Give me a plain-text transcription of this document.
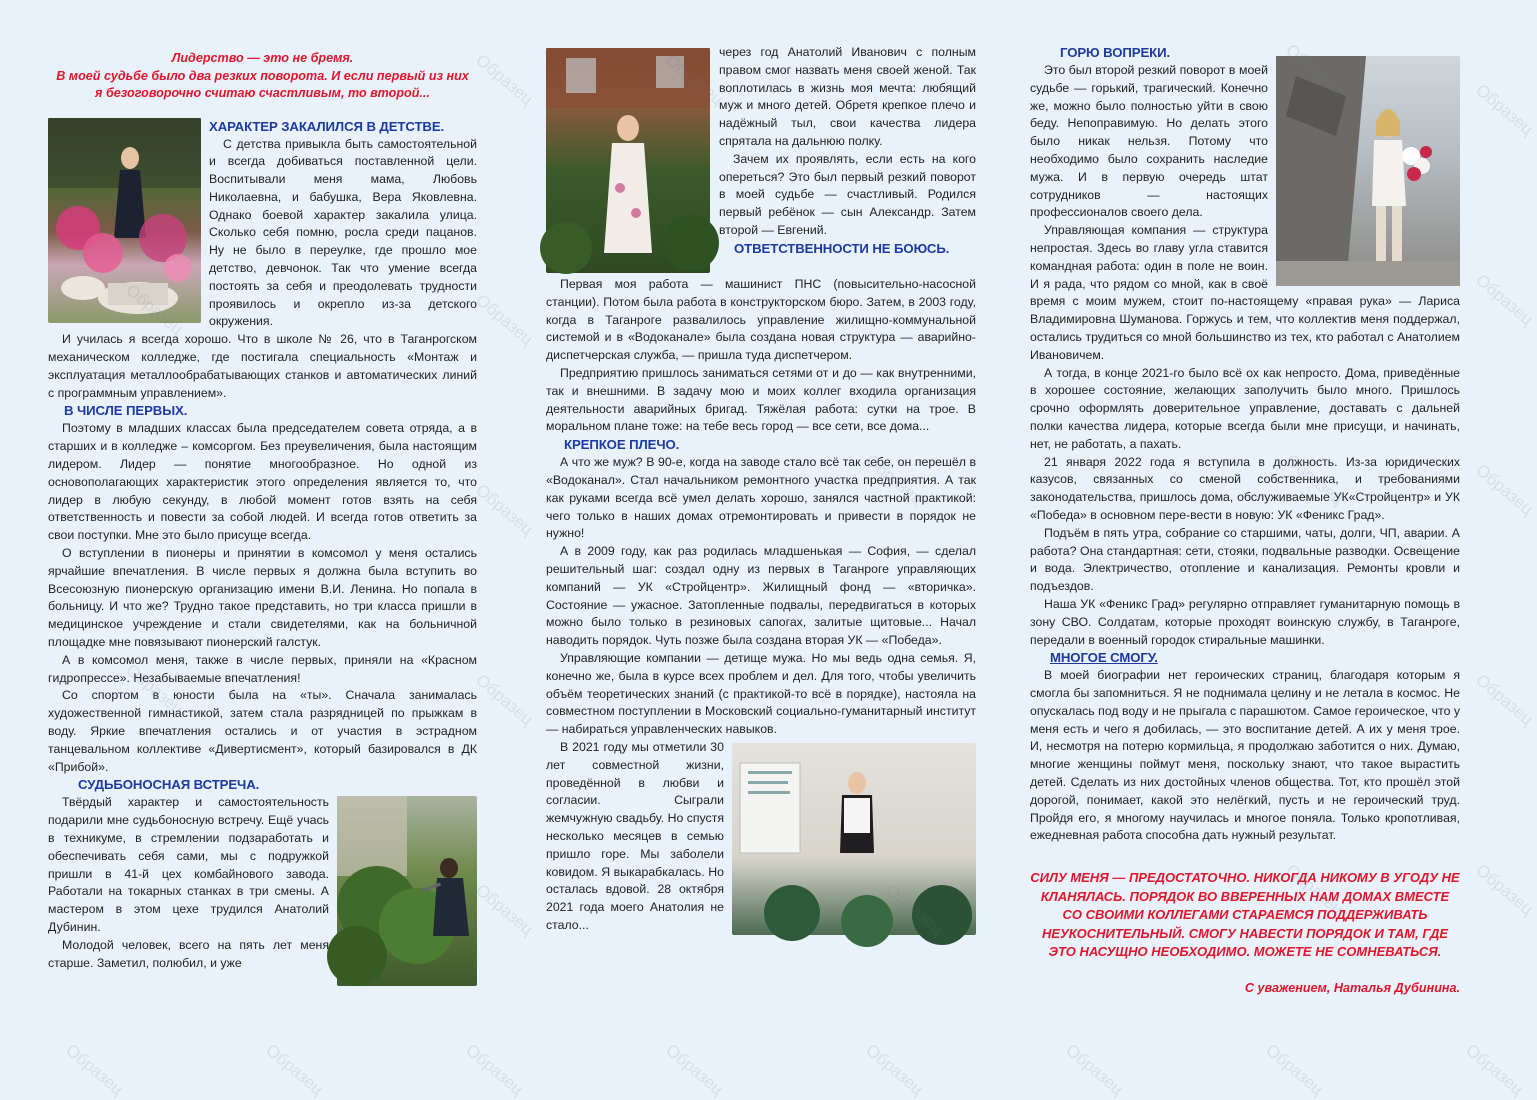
Лидерство — это не бремя.
В моей судьбе было два резких поворота. И если первый из них
я безоговорочно считаю счастливым, то второй...
ХАРАКТЕР ЗАКАЛИЛСЯ В ДЕТСТВЕ.

С детства привыкла быть самостоятельной и всегда добиваться поставленной цели. Воспитывали меня мама, Любовь Николаевна, и бабушка, Вера Яковлевна. Однако боевой характер закалила улица. Сколько себя помню, росла среди пацанов. Ну не было в переулке, где прошло мое детство, девчонок. Так что умение всегда постоять за себя и преодолевать трудности проявилось и окрепло из-за детского окружения.

И училась я всегда хорошо. Что в школе № 26, что в Таганрогском механическом колледже, где постигала специальность «Монтаж и эксплуатация металлообрабатывающих станков и автоматических линий с программным управлением».

В ЧИСЛЕ ПЕРВЫХ.

Поэтому в младших классах была председателем совета отряда, а в старших и в колледже – комсоргом. Без преувеличения, была настоящим лидером. Лидер — понятие многообразное. Но одной из основополагающих характеристик этого определения является то, что лидер в любую секунду, в любой момент готов взять на себя ответственность и повести за собой людей. И всегда готов ответить за свои поступки. Мне это было присуще всегда.

О вступлении в пионеры и принятии в комсомол у меня остались ярчайшие впечатления. В числе первых я должна была вступить во Всесоюзную пионерскую организацию имени В.И. Ленина. Но попала в больницу. И что же? Трудно такое представить, но три класса пришли в медицинское учреждение и стали свидетелями, как на больничной площадке мне повязывают пионерский галстук.

А в комсомол меня, также в числе первых, приняли на «Красном гидропрессе». Незабываемые впечатления!

Со спортом в юности была на «ты». Сначала занималась художественной гимнастикой, затем стала разрядницей по прыжкам в воду. Яркие впечатления остались и от участия в эстрадном танцевальном коллективе «Дивертисмент», который базировался в ДК «Прибой».

СУДЬБОНОСНАЯ ВСТРЕЧА.

Твёрдый характер и самостоятельность подарили мне судьбоносную встречу. Ещё учась в техникуме, в стремлении подзаработать и обеспечивать себя сами, мы с подружкой пришли в 41-й цех комбайнового завода. Работали на токарных станках в три смены. А мастером в этом цехе трудился Анатолий Дубинин.

Молодой человек, всего на пять лет меня старше. Заметил, полюбил, и уже

через год Анатолий Иванович с полным правом смог назвать меня своей женой. Так воплотилась в жизнь моя мечта: любящий муж и много детей. Обретя крепкое плечо и надёжный тыл, свои качества лидера спрятала на дальнюю полку.

Зачем их проявлять, если есть на кого опереться? Это был первый резкий поворот в моей судьбе — счастливый. Родился первый ребёнок — сын Александр. Затем второй — Евгений.

ОТВЕТСТВЕННОСТИ НЕ БОЮСЬ.

Первая моя работа — машинист ПНС (повысительно-насосной станции). Потом была работа в конструкторском бюро. Затем, в 2003 году, когда в Таганроге развалилось управление жилищно-коммунальной системой и в «Водоканале» была создана новая структура — аварийно-диспетчерская служба, — пришла туда диспетчером.

Предприятию пришлось заниматься сетями от и до — как внутренними, так и внешними. В задачу мою и моих коллег входила организация деятельности аварийных бригад. Тяжёлая работа: сутки на трое. В моральном плане тоже: на тебе весь город — все сети, все дома...

КРЕПКОЕ ПЛЕЧО.

А что же муж? В 90-е, когда на заводе стало всё так себе, он перешёл в «Водоканал». Стал начальником ремонтного участка предприятия. А так как руками всегда всё умел делать хорошо, занялся частной практикой: чего только в наших домах отремонтировать и привести в порядок не нужно!

А в 2009 году, как раз родилась младшенькая — София, — сделал решительный шаг: создал одну из первых в Таганроге управляющих компаний — УК «Стройцентр». Жилищный фонд — «вторичка». Состояние — ужасное. Затопленные подвалы, передвигаться в которых можно было только в резиновых сапогах, залитые щитовые... Начал наводить порядок. Чуть позже была создана вторая УК — «Победа».

Управляющие компании — детище мужа. Но мы ведь одна семья. Я, конечно же, была в курсе всех проблем и дел. Для того, чтобы увеличить объём теоретических знаний (с практикой-то всё в порядке), настояла на совместном поступлении в Московский социально-гуманитарный институт — набираться управленческих навыков.

В 2021 году мы отметили 30 лет совместной жизни, проведённой в любви и согласии. Сыграли жемчужную свадьбу. Но спустя несколько месяцев в семью пришло горе. Мы заболели ковидом. Я выкарабкалась. Но осталась вдовой. 28 октября 2021 года моего Анатолия не стало...

ГОРЮ ВОПРЕКИ.

Это был второй резкий поворот в моей судьбе — горький, трагический. Конечно же, можно было полностью уйти в свою беду. Непоправимую. Но делать этого было никак нельзя. Потому что необходимо было сохранить наследие мужа. И в первую очередь штат сотрудников — настоящих профессионалов своего дела.

Управляющая компания — структура непростая. Здесь во главу угла ставится командная работа: один в поле не воин. И я рада, что рядом со мной, как в своё время с моим мужем, стоит по-настоящему «правая рука» — Лариса Владимировна Шуманова. Горжусь и тем, что коллектив меня поддержал, остались трудиться со мной большинство из тех, кто работал с Анатолием Ивановичем.

А тогда, в конце 2021-го было всё ох как непросто. Дома, приведённые в хорошее состояние, желающих заполучить было много. Пришлось срочно оформлять доверительное управление, доставать с дальней полки качества лидера, которые всегда были мне присущи, и начинать, нет, не работать, а пахать.

21 января 2022 года я вступила в должность. Из-за юридических казусов, связанных со сменой собственника, и требованиями законодательства, пришлось дома, обслуживаемые УК«Стройцентр» и УК «Победа» в основном пере-вести в новую: УК «Феникс Град».

Подъём в пять утра, собрание со старшими, чаты, долги, ЧП, аварии. А работа? Она стандартная: сети, стояки, подвальные разводки. Освещение и вода. Электричество, отопление и канализация. Ремонты кровли и подъездов.

Наша УК «Феникс Град» регулярно отправляет гуманитарную помощь в зону СВО. Солдатам, которые проходят воинскую службу, в Таганроге, передали в военный городок стиральные машинки.

МНОГОЕ СМОГУ.

В моей биографии нет героических страниц, благодаря которым я смогла бы запомниться. Я не поднимала целину и не летала в космос. Не опускалась под воду и не прыгала с парашютом. Самое героическое, что у меня есть и чего я добилась, — это воспитание детей. А их у меня трое. И, несмотря на потерю кормильца, я продолжаю заботится о них. Думаю, многие женщины поймут меня, поскольку знают, что такое вырастить детей. Сделать из них достойных членов общества. Тот, кто прошёл этой дорогой, понимает, какой это нелёгкий, пусть и не героический труд. Пройдя его, я многому научилась и многое поняла. Только кропотливая, ежедневная работа способна дать нужный результат.

СИЛУ МЕНЯ — ПРЕДОСТАТОЧНО. НИКОГДА НИКОМУ В УГОДУ НЕ КЛАНЯЛАСЬ. ПОРЯДОК ВО ВВЕРЕННЫХ НАМ ДОМАХ ВМЕСТЕ СО СВОИМИ КОЛЛЕГАМИ СТАРАЕМСЯ ПОДДЕРЖИВАТЬ НЕУКОСНИТЕЛЬНЫЙ. СМОГУ НАВЕСТИ ПОРЯДОК И ТАМ, ГДЕ ЭТО НАСУЩНО НЕОБХОДИМО. МОЖЕТЕ НЕ СОМНЕВАТЬСЯ.
С уважением, Наталья Дубинина.
Образец
Образец
Образец
Образец
Образец
Образец
Образец
Образец
Образец
Образец
Образец
Образец
Образец
Образец	Образец	Образец	Образец	Образец	Образец	Образец	Образец
Образец
